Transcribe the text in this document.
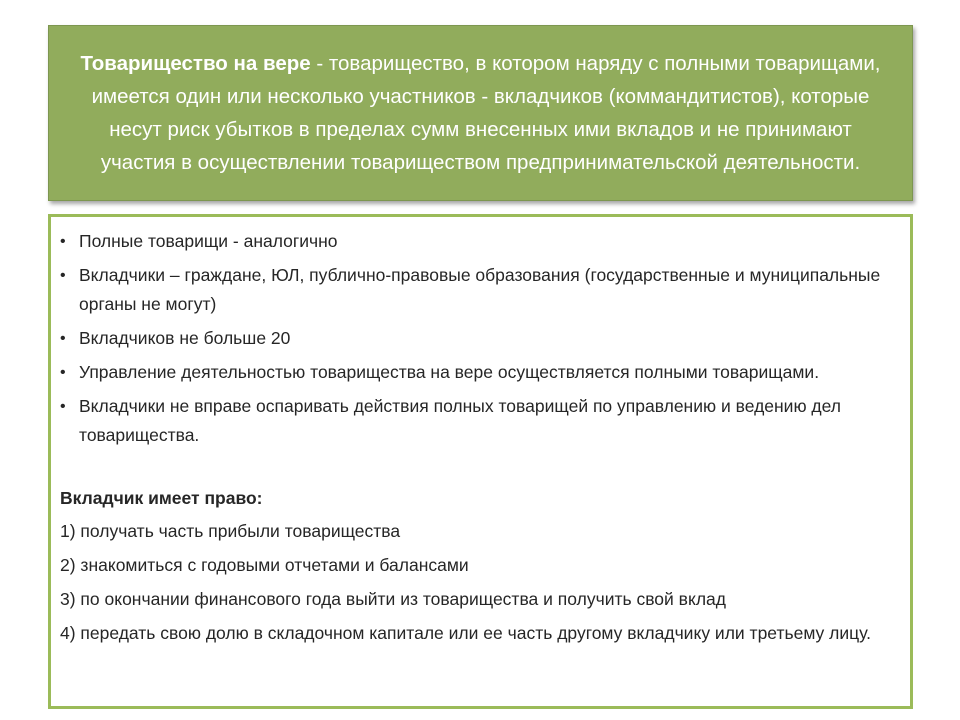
Товарищество на вере - товарищество, в котором наряду с полными товарищами, имеется один или несколько участников - вкладчиков (коммандитистов), которые несут риск убытков в пределах сумм внесенных ими вкладов и не принимают участия в осуществлении товариществом предпринимательской деятельности.
• Полные товарищи - аналогично
• Вкладчики – граждане, ЮЛ, публично-правовые образования (государственные и муниципальные органы не могут)
• Вкладчиков не больше 20
• Управление деятельностью товарищества на вере осуществляется полными товарищами.
• Вкладчики не вправе оспаривать действия полных товарищей по управлению и ведению дел товарищества.
Вкладчик имеет право:
1) получать часть прибыли товарищества
2) знакомиться с годовыми отчетами и балансами
3) по окончании финансового года выйти из товарищества и получить свой вклад
4) передать свою долю в складочном капитале или ее часть другому вкладчику или третьему лицу.
